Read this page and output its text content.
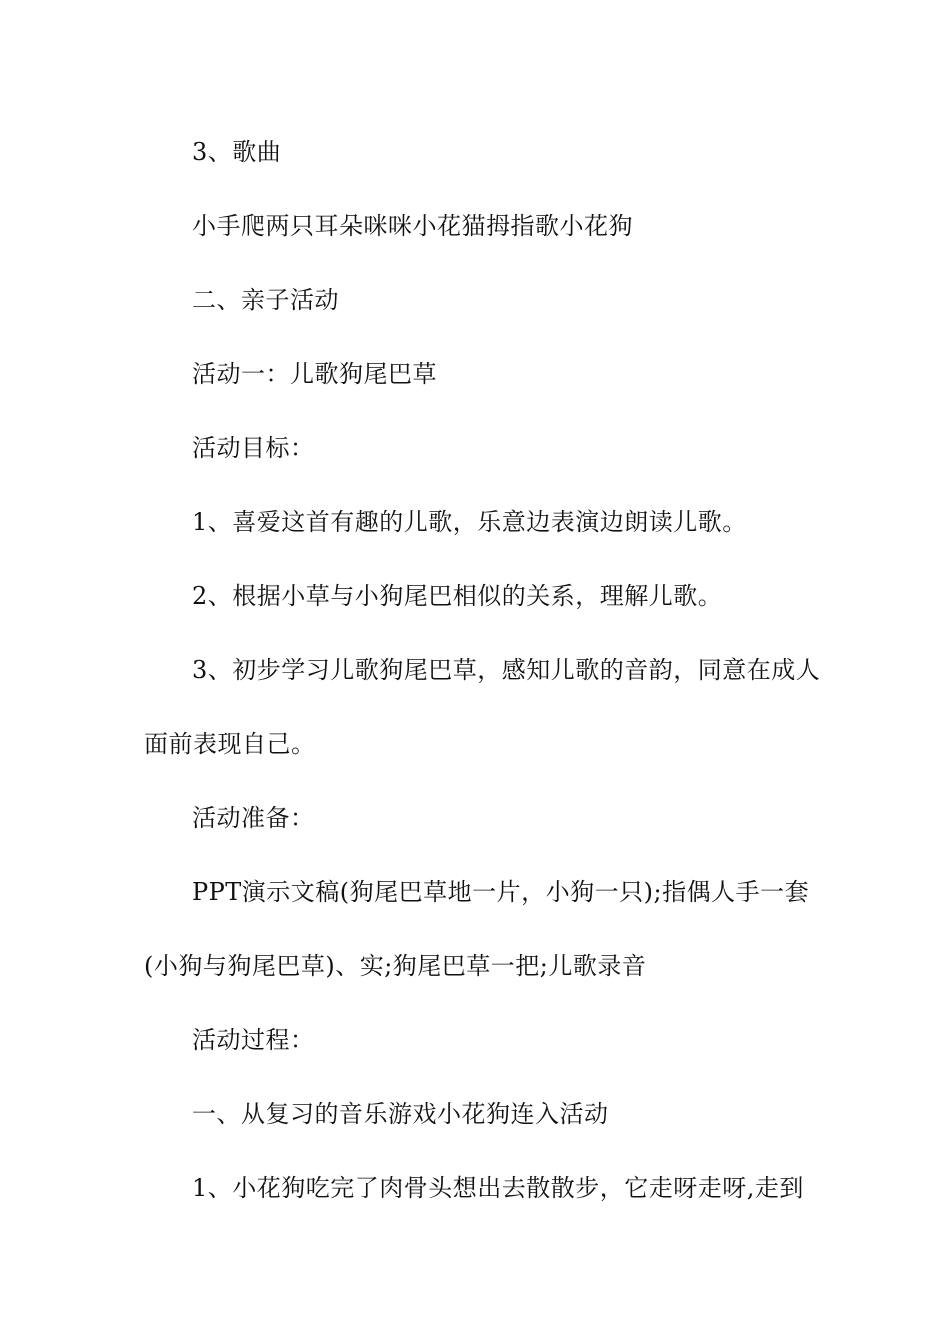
3、歌曲
小手爬两只耳朵咪咪小花猫拇指歌小花狗
二、亲子活动
活动一：儿歌狗尾巴草
活动目标：
1、喜爱这首有趣的儿歌，乐意边表演边朗读儿歌。
2、根据小草与小狗尾巴相似的关系，理解儿歌。
3、初步学习儿歌狗尾巴草，感知儿歌的音韵，同意在成人
面前表现自己。
活动准备：
PPT演示文稿(狗尾巴草地一片，小狗一只);指偶人手一套
(小狗与狗尾巴草)、实;狗尾巴草一把;儿歌录音
活动过程：
一、从复习的音乐游戏小花狗连入活动
1、小花狗吃完了肉骨头想出去散散步，它走呀走呀,走到
